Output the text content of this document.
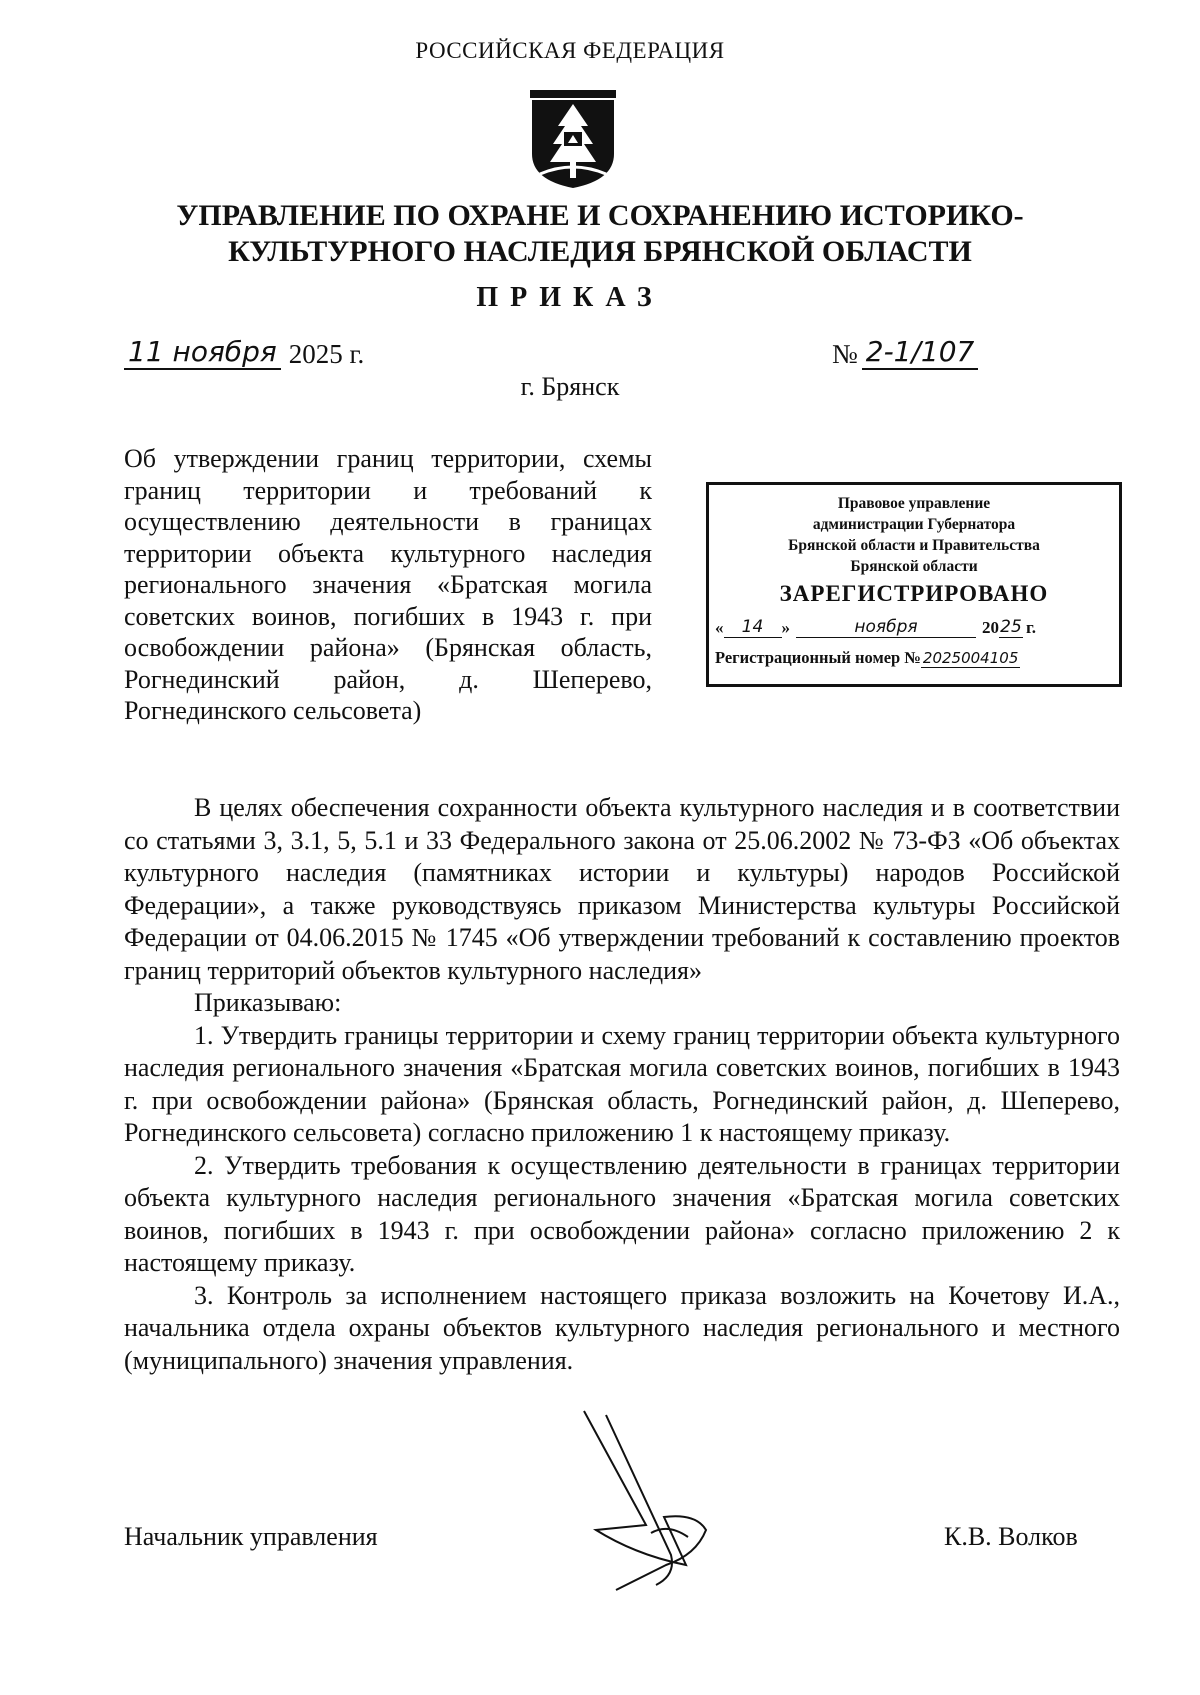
РОССИЙСКАЯ ФЕДЕРАЦИЯ
УПРАВЛЕНИЕ ПО ОХРАНЕ И СОХРАНЕНИЮ ИСТОРИКО-
КУЛЬТУРНОГО НАСЛЕДИЯ БРЯНСКОЙ ОБЛАСТИ
ПРИКАЗ
11 ноября 2025 г.	№ 2-1/107
г. Брянск
Об утверждении границ территории, схемы границ территории и требований к осуществлению деятельности в границах территории объекта культурного наследия регионального значения «Братская могила советских воинов, погибших в 1943 г. при освобождении района» (Брянская область, Рогнединский район, д. Шеперево, Рогнединского сельсовета)
Правовое управление
администрации Губернатора
Брянской области и Правительства
Брянской области
ЗАРЕГИСТРИРОВАНО
«	14	»	ноября	20 25 г.
Регистрационный номер № 2025004105

В целях обеспечения сохранности объекта культурного наследия и в соответствии со статьями 3, 3.1, 5, 5.1 и 33 Федерального закона от 25.06.2002 № 73-ФЗ «Об объектах культурного наследия (памятниках истории и культуры) народов Российской Федерации», а также руководствуясь приказом Министерства культуры Российской Федерации от 04.06.2015 № 1745 «Об утверждении требований к составлению проектов границ территорий объектов культурного наследия»

Приказываю:

1. Утвердить границы территории и схему границ территории объекта культурного наследия регионального значения «Братская могила советских воинов, погибших в 1943 г. при освобождении района» (Брянская область, Рогнединский район, д. Шеперево, Рогнединского сельсовета) согласно приложению 1 к настоящему приказу.

2. Утвердить требования к осуществлению деятельности в границах территории объекта культурного наследия регионального значения «Братская могила советских воинов, погибших в 1943 г. при освобождении района» согласно приложению 2 к настоящему приказу.

3. Контроль за исполнением настоящего приказа возложить на Кочетову И.А., начальника отдела охраны объектов культурного наследия регионального и местного (муниципального) значения управления.

Начальник управления	К.В. Волков
